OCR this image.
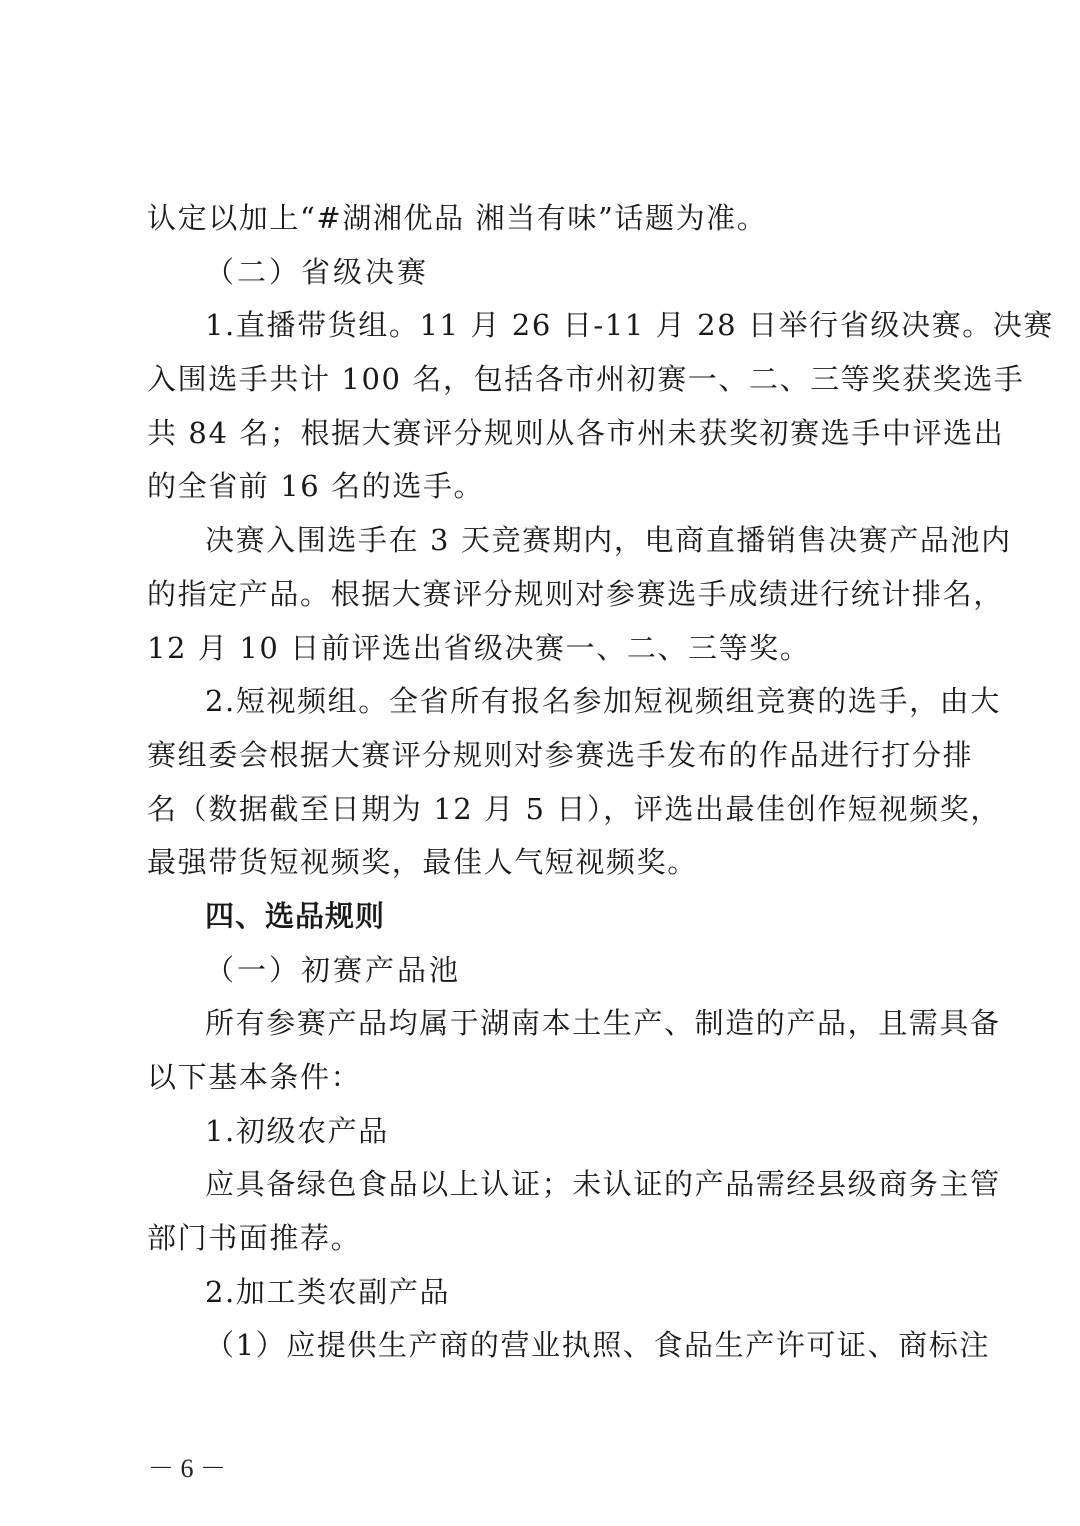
认定以加上“#湖湘优品 湘当有味”话题为准。
（二）省级决赛
1.直播带货组。11 月 26 日-11 月 28 日举行省级决赛。决赛
入围选手共计 100 名，包括各市州初赛一、二、三等奖获奖选手
共 84 名；根据大赛评分规则从各市州未获奖初赛选手中评选出
的全省前 16 名的选手。
决赛入围选手在 3 天竞赛期内，电商直播销售决赛产品池内
的指定产品。根据大赛评分规则对参赛选手成绩进行统计排名，
12 月 10 日前评选出省级决赛一、二、三等奖。
2.短视频组。全省所有报名参加短视频组竞赛的选手，由大
赛组委会根据大赛评分规则对参赛选手发布的作品进行打分排
名（数据截至日期为 12 月 5 日），评选出最佳创作短视频奖，
最强带货短视频奖，最佳人气短视频奖。
四、选品规则
（一）初赛产品池
所有参赛产品均属于湖南本土生产、制造的产品，且需具备
以下基本条件：
1.初级农产品
应具备绿色食品以上认证；未认证的产品需经县级商务主管
部门书面推荐。
2.加工类农副产品
（1）应提供生产商的营业执照、食品生产许可证、商标注
－ 6 －
